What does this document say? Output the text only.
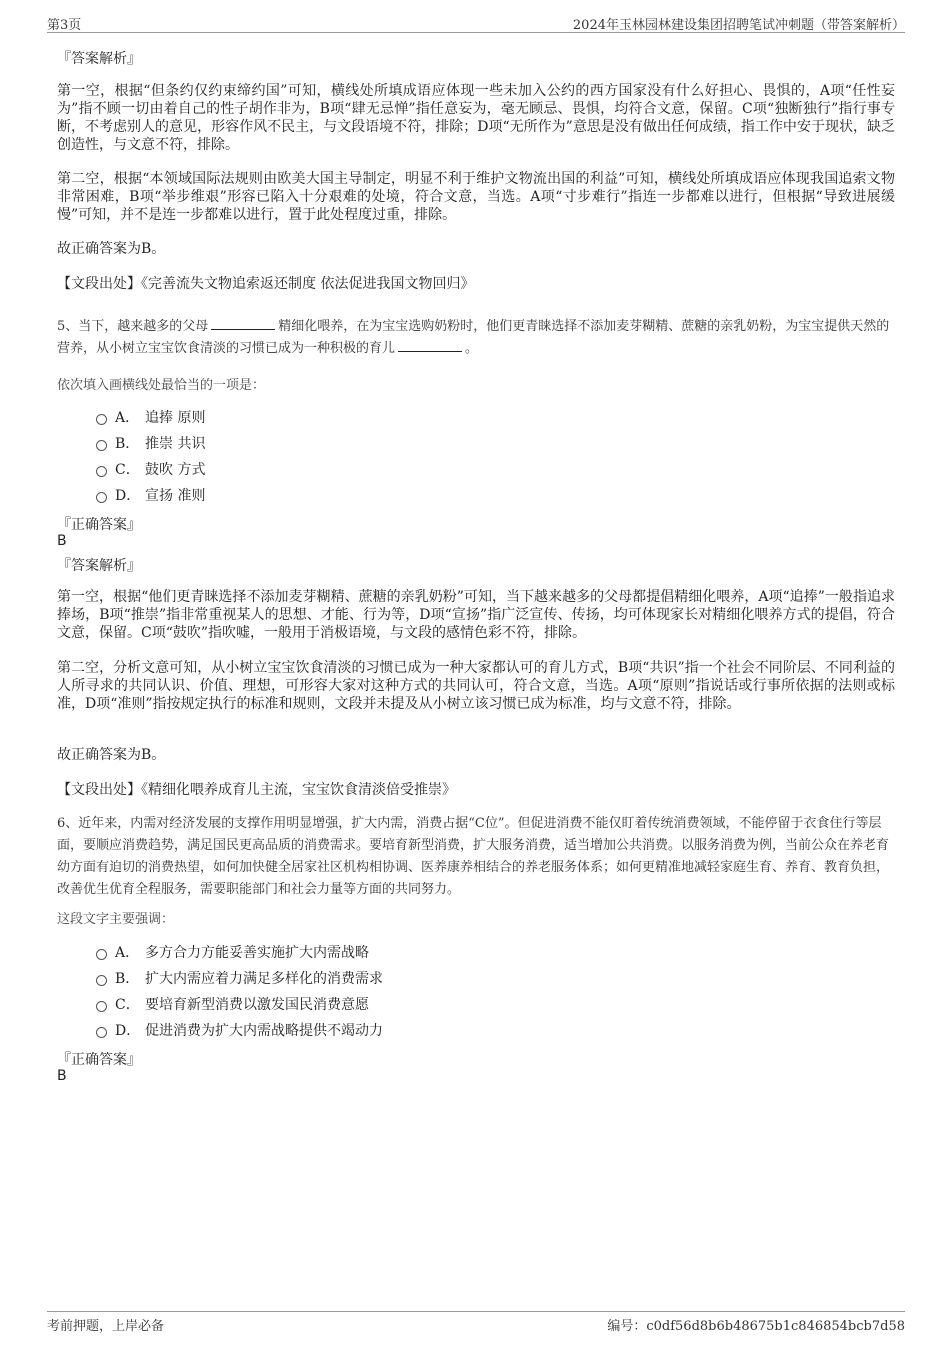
第3页	2024年玉林园林建设集团招聘笔试冲刺题（带答案解析）
『答案解析』
第一空，根据“但条约仅约束缔约国”可知，横线处所填成语应体现一些未加入公约的西方国家没有什么好担心、畏惧的，A项“任性妄为”指不顾一切由着自己的性子胡作非为，B项“肆无忌惮”指任意妄为，毫无顾忌、畏惧，均符合文意，保留。C项“独断独行”指行事专断，不考虑别人的意见，形容作风不民主，与文段语境不符，排除；D项“无所作为”意思是没有做出任何成绩，指工作中安于现状，缺乏创造性，与文意不符，排除。
第二空，根据“本领域国际法规则由欧美大国主导制定，明显不利于维护文物流出国的利益”可知，横线处所填成语应体现我国追索文物非常困难，B项“举步维艰”形容已陷入十分艰难的处境，符合文意，当选。A项“寸步难行”指连一步都难以进行，但根据“导致进展缓慢”可知，并不是连一步都难以进行，置于此处程度过重，排除。
故正确答案为B。
【文段出处】《完善流失文物追索返还制度 依法促进我国文物回归》
5、当下，越来越多的父母	精细化喂养，在为宝宝选购奶粉时，他们更青睐选择不添加麦芽糊精、蔗糖的亲乳奶粉，为宝宝提供天然的营养，从小树立宝宝饮食清淡的习惯已成为一种积极的育儿	。
依次填入画横线处最恰当的一项是：
A． 追捧 原则
B． 推崇 共识
C． 鼓吹 方式
D． 宣扬 准则
『正确答案』
B
『答案解析』
第一空，根据“他们更青睐选择不添加麦芽糊精、蔗糖的亲乳奶粉”可知，当下越来越多的父母都提倡精细化喂养，A项“追捧”一般指追求捧场，B项“推崇”指非常重视某人的思想、才能、行为等，D项“宣扬”指广泛宣传、传扬，均可体现家长对精细化喂养方式的提倡，符合文意，保留。C项“鼓吹”指吹嘘，一般用于消极语境，与文段的感情色彩不符，排除。
第二空，分析文意可知，从小树立宝宝饮食清淡的习惯已成为一种大家都认可的育儿方式，B项“共识”指一个社会不同阶层、不同利益的人所寻求的共同认识、价值、理想，可形容大家对这种方式的共同认可，符合文意，当选。A项“原则”指说话或行事所依据的法则或标准，D项“准则”指按规定执行的标准和规则，文段并未提及从小树立该习惯已成为标准，均与文意不符，排除。
故正确答案为B。
【文段出处】《精细化喂养成育儿主流，宝宝饮食清淡倍受推崇》
6、近年来，内需对经济发展的支撑作用明显增强，扩大内需，消费占据“C位”。但促进消费不能仅盯着传统消费领域，不能停留于衣食住行等层面，要顺应消费趋势，满足国民更高品质的消费需求。要培育新型消费，扩大服务消费，适当增加公共消费。以服务消费为例，当前公众在养老育幼方面有迫切的消费热望，如何加快健全居家社区机构相协调、医养康养相结合的养老服务体系；如何更精准地减轻家庭生育、养育、教育负担，改善优生优育全程服务，需要职能部门和社会力量等方面的共同努力。
这段文字主要强调：
A． 多方合力方能妥善实施扩大内需战略
B． 扩大内需应着力满足多样化的消费需求
C． 要培育新型消费以激发国民消费意愿
D． 促进消费为扩大内需战略提供不竭动力
『正确答案』
B
考前押题，上岸必备	编号：c0df56d8b6b48675b1c846854bcb7d58
